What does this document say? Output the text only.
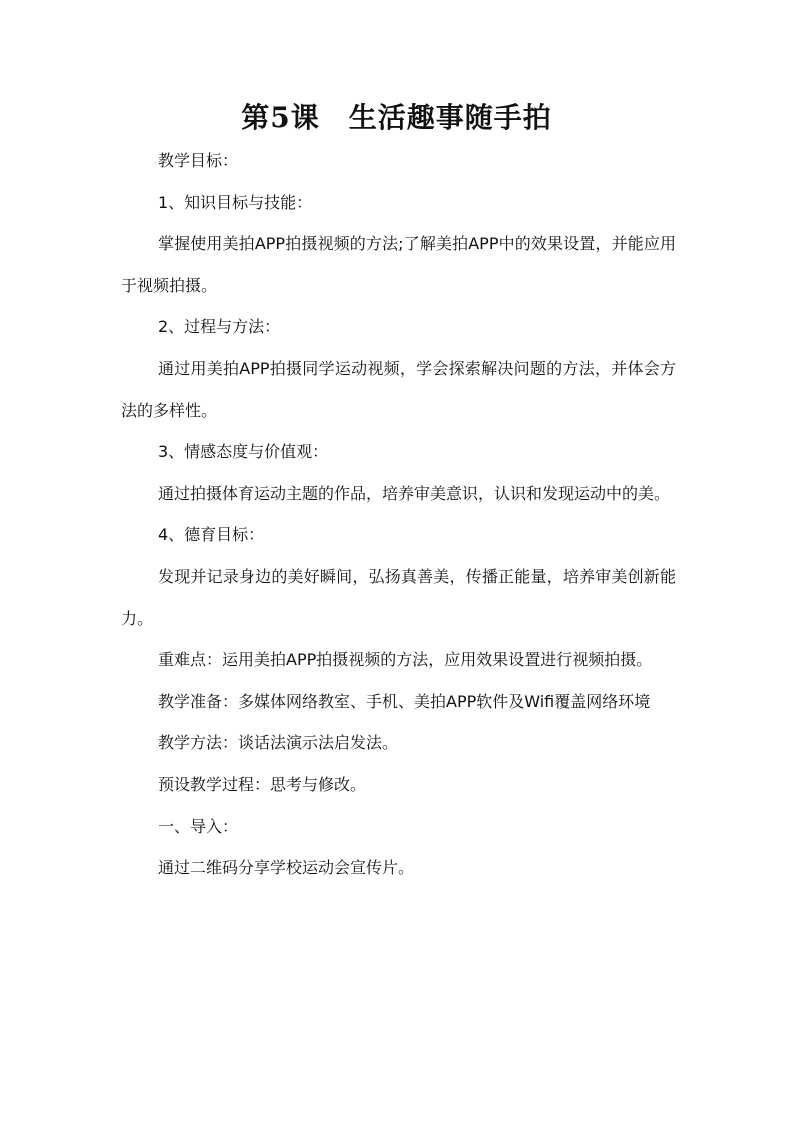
第5课　生活趣事随手拍

教学目标：

1、知识目标与技能：

掌握使用美拍APP拍摄视频的方法;了解美拍APP中的效果设置，并能应用于视频拍摄。

2、过程与方法：

通过用美拍APP拍摄同学运动视频，学会探索解决问题的方法，并体会方法的多样性。

3、情感态度与价值观：

通过拍摄体育运动主题的作品，培养审美意识，认识和发现运动中的美。

4、德育目标：

发现并记录身边的美好瞬间，弘扬真善美，传播正能量，培养审美创新能力。

重难点：运用美拍APP拍摄视频的方法，应用效果设置进行视频拍摄。

教学准备：多媒体网络教室、手机、美拍APP软件及Wifi覆盖网络环境

教学方法：谈话法演示法启发法。

预设教学过程：思考与修改。

一、导入：

通过二维码分享学校运动会宣传片。
